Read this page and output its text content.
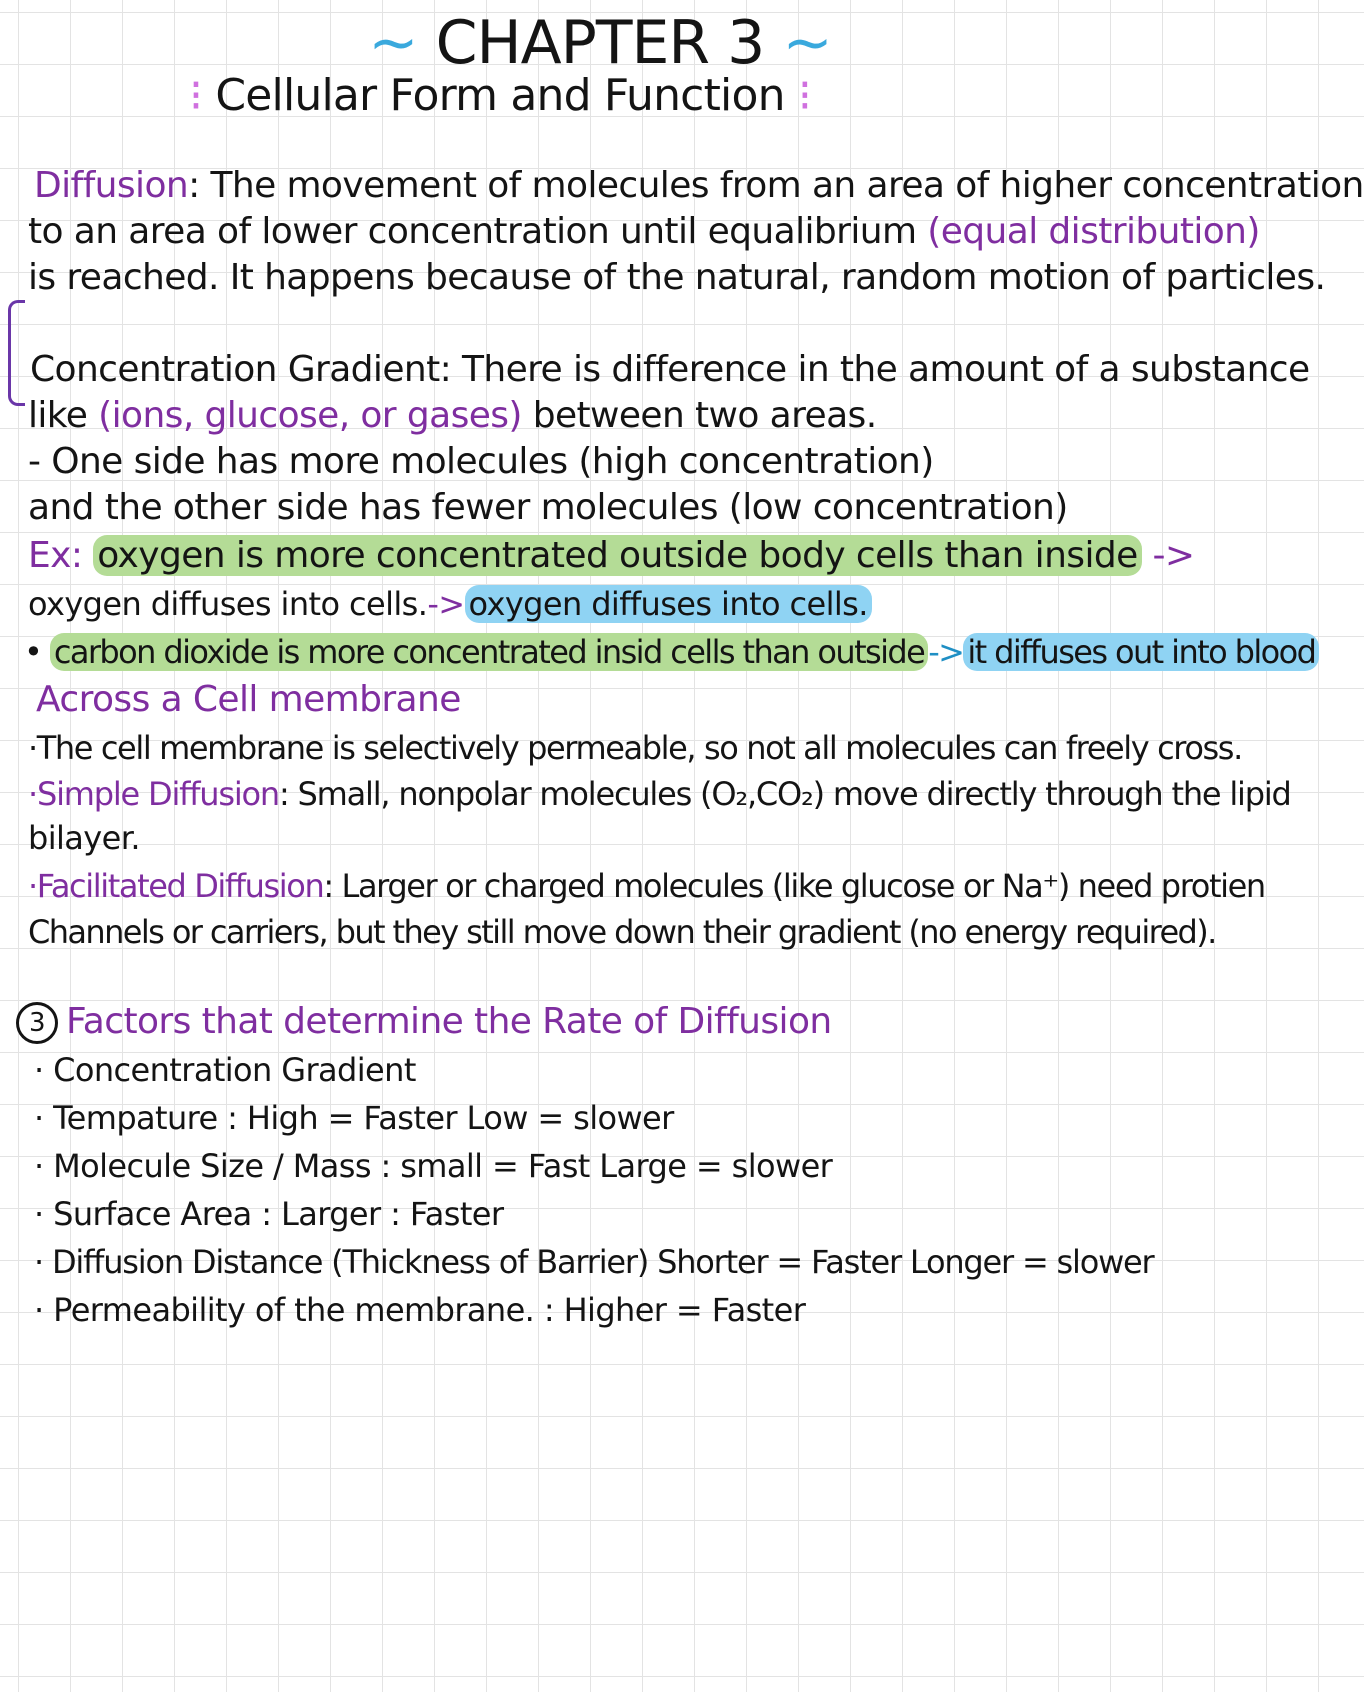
~ CHAPTER 3 ~
⁝ Cellular Form and Function ⁝
Diffusion: The movement of molecules from an area of higher concentration
to an area of lower concentration until equalibrium (equal distribution)
is reached. It happens because of the natural, random motion of particles.
Concentration Gradient: There is difference in the amount of a substance
like (ions, glucose, or gases) between two areas.
- One side has more molecules (high concentration)
and the other side has fewer molecules (low concentration)
Ex: oxygen is more concentrated outside body cells than inside ->
oxygen diffuses into cells.-> oxygen diffuses into cells.
• carbon dioxide is more concentrated insid cells than outside -> it diffuses out into blood
Across a Cell membrane
·The cell membrane is selectively permeable, so not all molecules can freely cross.
·Simple Diffusion: Small, nonpolar molecules (O₂,CO₂) move directly through the lipid
bilayer.
·Facilitated Diffusion: Larger or charged molecules (like glucose or Na⁺) need protien
Channels or carriers, but they still move down their gradient (no energy required).
3 Factors that determine the Rate of Diffusion
· Concentration Gradient
· Tempature : High = Faster Low = slower
· Molecule Size / Mass : small = Fast Large = slower
· Surface Area : Larger : Faster
· Diffusion Distance (Thickness of Barrier) Shorter = Faster Longer = slower
· Permeability of the membrane. : Higher = Faster
